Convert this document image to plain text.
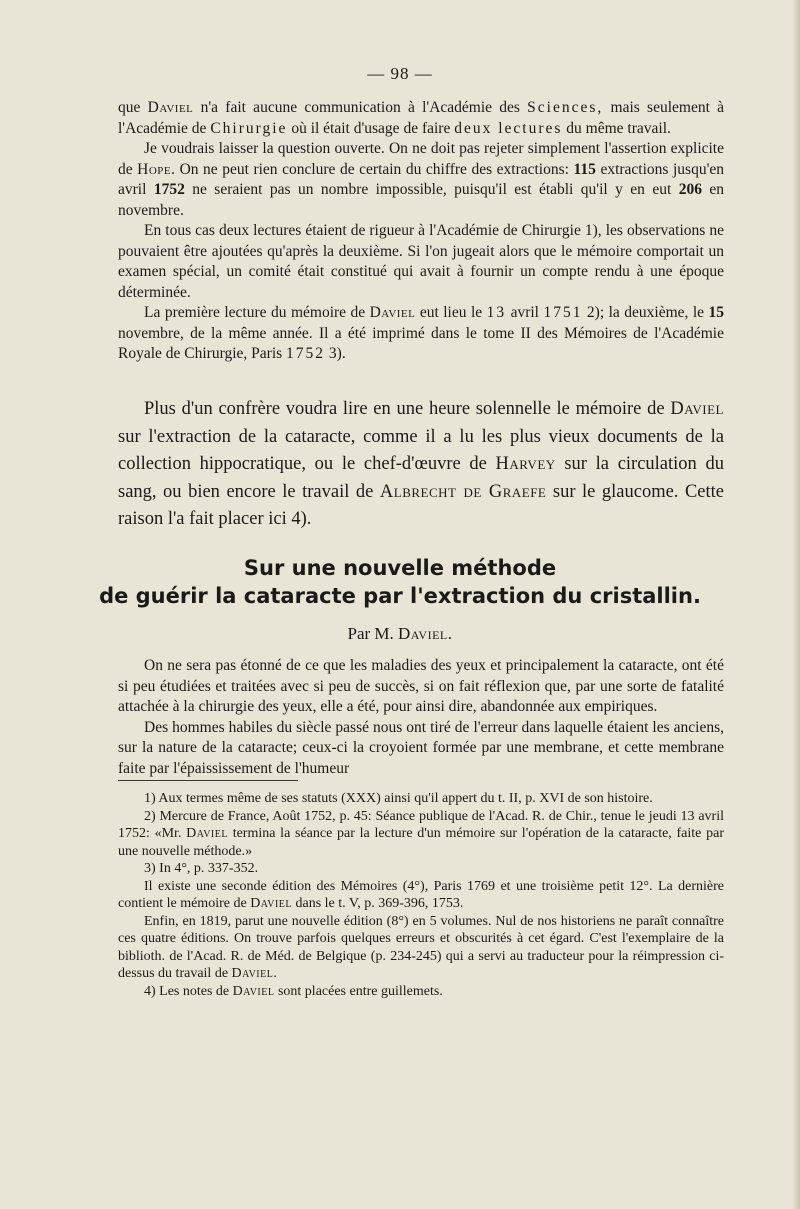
— 98 —

que Daviel n'a fait aucune communication à l'Académie des Sciences, mais seulement à l'Académie de Chirurgie où il était d'usage de faire deux lectures du même travail.

Je voudrais laisser la question ouverte. On ne doit pas rejeter simplement l'assertion explicite de Hope. On ne peut rien conclure de certain du chiffre des extractions: 115 extractions jusqu'en avril 1752 ne seraient pas un nombre impossible, puisqu'il est établi qu'il y en eut 206 en novembre.

En tous cas deux lectures étaient de rigueur à l'Académie de Chirurgie 1), les observations ne pouvaient être ajoutées qu'après la deuxième. Si l'on jugeait alors que le mémoire comportait un examen spécial, un comité était constitué qui avait à fournir un compte rendu à une époque déterminée.

La première lecture du mémoire de Daviel eut lieu le 13 avril 1751 2); la deuxième, le 15 novembre, de la même année. Il a été imprimé dans le tome II des Mémoires de l'Académie Royale de Chirurgie, Paris 1752 3).

Plus d'un confrère voudra lire en une heure solennelle le mémoire de Daviel sur l'extraction de la cataracte, comme il a lu les plus vieux documents de la collection hippocratique, ou le chef-d'œuvre de Harvey sur la circulation du sang, ou bien encore le travail de Albrecht de Graefe sur le glaucome. Cette raison l'a fait placer ici 4).

Sur une nouvelle méthode
de guérir la cataracte par l'extraction du cristallin.
Par M. Daviel.

On ne sera pas étonné de ce que les maladies des yeux et principalement la cataracte, ont été si peu étudiées et traitées avec si peu de succès, si on fait réflexion que, par une sorte de fatalité attachée à la chirurgie des yeux, elle a été, pour ainsi dire, abandonnée aux empiriques.

Des hommes habiles du siècle passé nous ont tiré de l'erreur dans laquelle étaient les anciens, sur la nature de la cataracte; ceux-ci la croyoient formée par une membrane, et cette membrane faite par l'épaississement de l'humeur

1) Aux termes même de ses statuts (XXX) ainsi qu'il appert du t. II, p. XVI de son histoire.

2) Mercure de France, Août 1752, p. 45: Séance publique de l'Acad. R. de Chir., tenue le jeudi 13 avril 1752: «Mr. Daviel termina la séance par la lecture d'un mémoire sur l'opération de la cataracte, faite par une nouvelle méthode.»

3) In 4°, p. 337-352.

Il existe une seconde édition des Mémoires (4°), Paris 1769 et une troisième petit 12°. La dernière contient le mémoire de Daviel dans le t. V, p. 369-396, 1753.

Enfin, en 1819, parut une nouvelle édition (8°) en 5 volumes. Nul de nos historiens ne paraît connaître ces quatre éditions. On trouve parfois quelques erreurs et obscurités à cet égard. C'est l'exemplaire de la biblioth. de l'Acad. R. de Méd. de Belgique (p. 234-245) qui a servi au traducteur pour la réimpression ci-dessus du travail de Daviel.

4) Les notes de Daviel sont placées entre guillemets.
